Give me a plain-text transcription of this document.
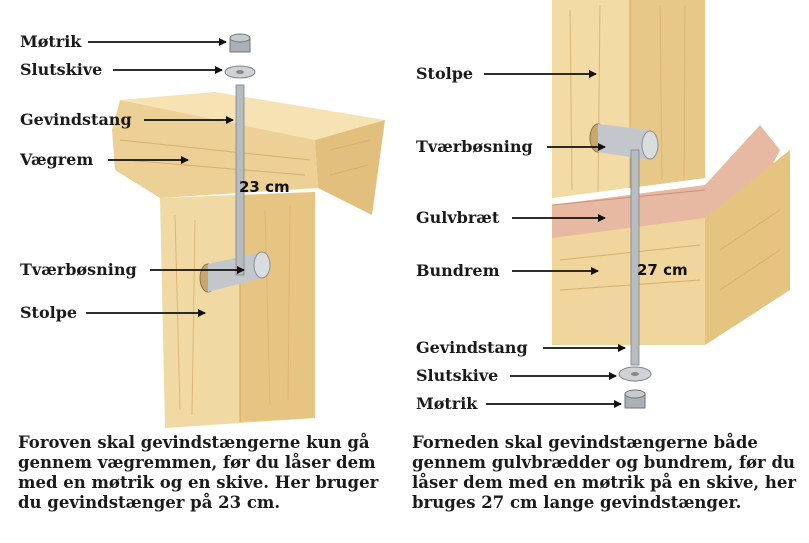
Møtrik
Slutskive
Gevindstang
Vægrem
Tværbøsning
Stolpe
23 cm
Stolpe
Tværbøsning
Gulvbræt
Bundrem
Gevindstang
Slutskive
Møtrik
27 cm

Foroven skal gevindstængerne kun gå gennem vægremmen, før du låser dem med en møtrik og en skive. Her bruger du gevindstænger på 23 cm.

Forneden skal gevindstængerne både gennem gulvbrædder og bundrem, før du låser dem med en møtrik på en skive, her bruges 27 cm lange gevindstænger.
